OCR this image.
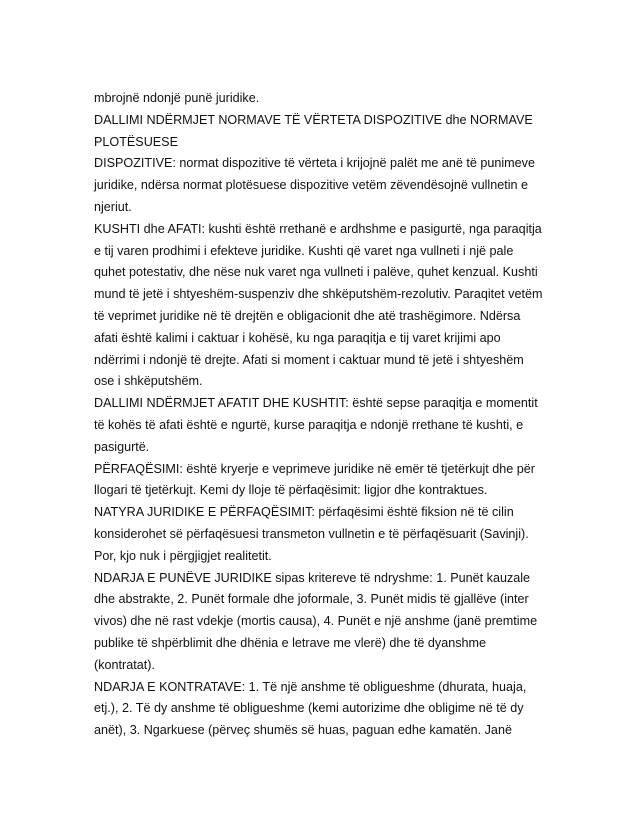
mbrojnë ndonjë punë juridike.
DALLIMI NDËRMJET NORMAVE TË VËRTETA DISPOZITIVE dhe NORMAVE
PLOTËSUESE
DISPOZITIVE: normat dispozitive të vërteta i krijojnë palët me anë të punimeve
juridike, ndërsa normat plotësuese dispozitive vetëm zëvendësojnë vullnetin e
njeriut.
KUSHTI dhe AFATI: kushti është rrethanë e ardhshme e pasigurtë, nga paraqitja
e tij varen prodhimi i efekteve juridike. Kushti që varet nga vullneti i një pale
quhet potestativ, dhe nëse nuk varet nga vullneti i palëve, quhet kenzual. Kushti
mund të jetë i shtyeshëm-suspenziv dhe shkëputshëm-rezolutiv. Paraqitet vetëm
të veprimet juridike në të drejtën e obligacionit dhe atë trashëgimore. Ndërsa
afati është kalimi i caktuar i kohësë, ku nga paraqitja e tij varet krijimi apo
ndërrimi i ndonjë të drejte. Afati si moment i caktuar mund të jetë i shtyeshëm
ose i shkëputshëm.
DALLIMI NDËRMJET AFATIT DHE KUSHTIT: është sepse paraqitja e momentit
të kohës të afati është e ngurtë, kurse paraqitja e ndonjë rrethane të kushti, e
pasigurtë.
PËRFAQËSIMI: është kryerje e veprimeve juridike në emër të tjetërkujt dhe për
llogari të tjetërkujt. Kemi dy lloje të përfaqësimit: ligjor dhe kontraktues.
NATYRA JURIDIKE E PËRFAQËSIMIT: përfaqësimi është fiksion në të cilin
konsiderohet së përfaqësuesi transmeton vullnetin e të përfaqësuarit (Savinji).
Por, kjo nuk i përgjigjet realitetit.
NDARJA E PUNËVE JURIDIKE sipas kritereve të ndryshme: 1. Punët kauzale
dhe abstrakte, 2. Punët formale dhe joformale, 3. Punët midis të gjallëve (inter
vivos) dhe në rast vdekje (mortis causa), 4. Punët e një anshme (janë premtime
publike të shpërblimit dhe dhënia e letrave me vlerë) dhe të dyanshme
(kontratat).
NDARJA E KONTRATAVE: 1. Të një anshme të obligueshme (dhurata, huaja,
etj.), 2. Të dy anshme të obligueshme (kemi autorizime dhe obligime në të dy
anët), 3. Ngarkuese (përveç shumës së huas, paguan edhe kamatën. Janë
